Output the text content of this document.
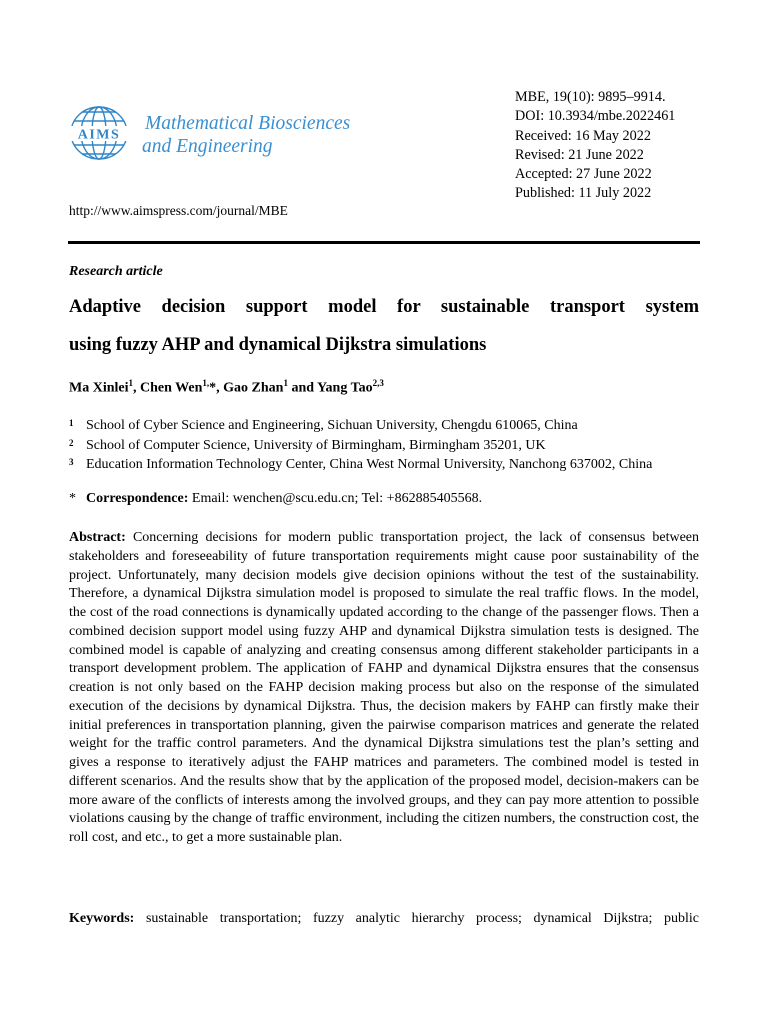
AIMS
Mathematical Biosciences
and Engineering
MBE, 19(10): 9895–9914.
DOI: 10.3934/mbe.2022461
Received: 16 May 2022
Revised: 21 June 2022
Accepted: 27 June 2022
Published: 11 July 2022
http://www.aimspress.com/journal/MBE
Research article
Adaptive decision support model for sustainable transport system
using fuzzy AHP and dynamical Dijkstra simulations
Ma Xinlei$^1$, Chen Wen$^{1,}$*, Gao Zhan$^1$ and Yang Tao$^{2,3}$
1 School of Cyber Science and Engineering, Sichuan University, Chengdu 610065, China
2 School of Computer Science, University of Birmingham, Birmingham 35201, UK
3 Education Information Technology Center, China West Normal University, Nanchong 637002, China
* Correspondence: Email: wenchen@scu.edu.cn; Tel: +862885405568.
Abstract: Concerning decisions for modern public transportation project, the lack of consensus between stakeholders and foreseeability of future transportation requirements might cause poor sustainability of the project. Unfortunately, many decision models give decision opinions without the test of the sustainability. Therefore, a dynamical Dijkstra simulation model is proposed to simulate the real traffic flows. In the model, the cost of the road connections is dynamically updated according to the change of the passenger flows. Then a combined decision support model using fuzzy AHP and dynamical Dijkstra simulation tests is designed. The combined model is capable of analyzing and creating consensus among different stakeholder participants in a transport development problem. The application of FAHP and dynamical Dijkstra ensures that the consensus creation is not only based on the FAHP decision making process but also on the response of the simulated execution of the decisions by dynamical Dijkstra. Thus, the decision makers by FAHP can firstly make their initial preferences in transportation planning, given the pairwise comparison matrices and generate the related weight for the traffic control parameters. And the dynamical Dijkstra simulations test the plan’s setting and gives a response to iteratively adjust the FAHP matrices and parameters. The combined model is tested in different scenarios. And the results show that by the application of the proposed model, decision-makers can be more aware of the conflicts of interests among the involved groups, and they can pay more attention to possible violations causing by the change of traffic environment, including the citizen numbers, the construction cost, the roll cost, and etc., to get a more sustainable plan.
Keywords: sustainable transportation; fuzzy analytic hierarchy process; dynamical Dijkstra; public
